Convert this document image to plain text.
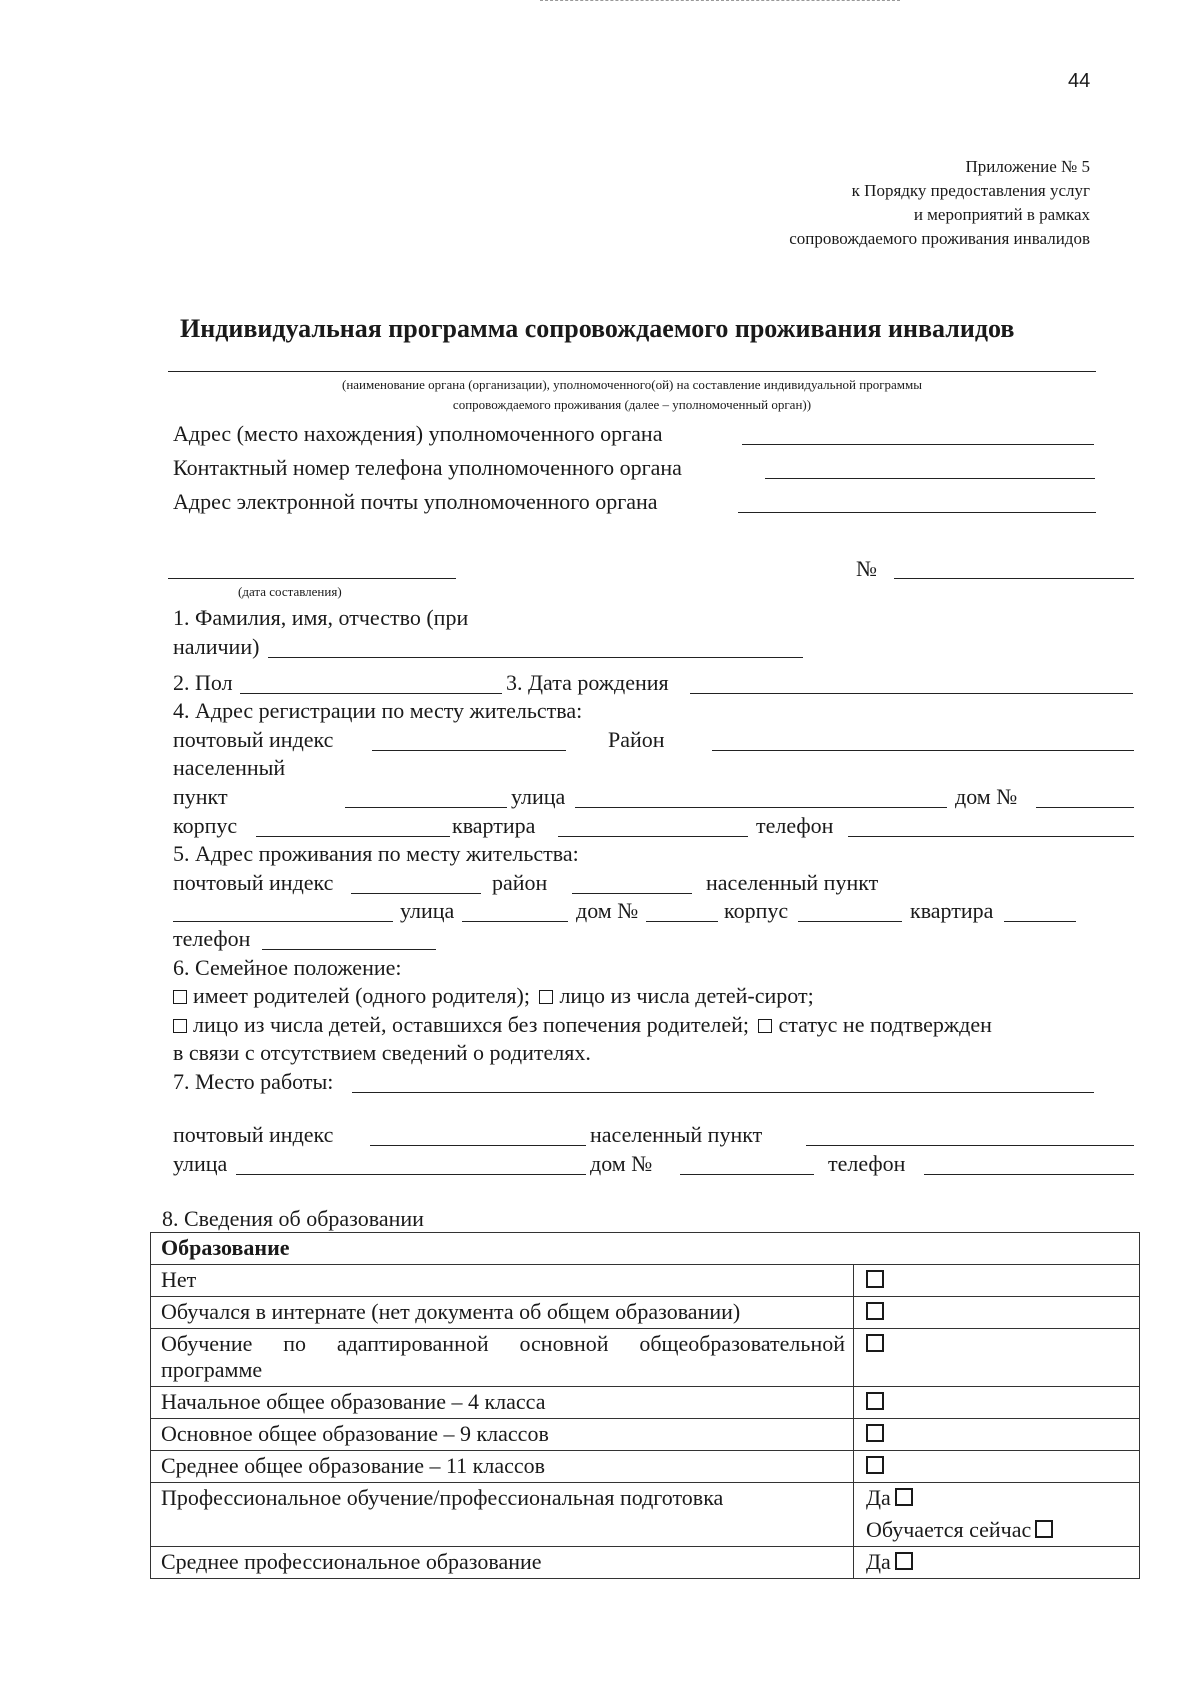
44
Приложение № 5
к Порядку предоставления услуг
и мероприятий в рамках
сопровождаемого проживания инвалидов
Индивидуальная программа сопровождаемого проживания инвалидов
(наименование органа (организации), уполномоченного(ой) на составление индивидуальной программы
сопровождаемого проживания (далее – уполномоченный орган))
Адрес (место нахождения) уполномоченного органа
Контактный номер телефона уполномоченного органа
Адрес электронной почты уполномоченного органа
(дата составления)
№
1. Фамилия, имя, отчество (при
наличии)
2. Пол	3. Дата рождения
4. Адрес регистрации по месту жительства:
почтовый индекс	Район
населенный
пункт	улица	дом №
корпус	квартира	телефон
5. Адрес проживания по месту жительства:
почтовый индекс	район	населенный пункт
улица	дом №	корпус	квартира
телефон
6. Семейное положение:
имеет родителей (одного родителя); лицо из числа детей-сирот;
лицо из числа детей, оставшихся без попечения родителей; статус не подтвержден
в связи с отсутствием сведений о родителях.
7. Место работы:
почтовый индекс	населенный пункт
улица	дом №	телефон
8. Сведения об образовании
Образование	
Нет	
Обучался в интернате (нет документа об общем образовании)	
Обучение по адаптированной основной общеобразовательной программе	
Начальное общее образование – 4 класса	
Основное общее образование – 9 классов	
Среднее общее образование – 11 классов	
Профессиональное обучение/профессиональная подготовка	Да
Обучается сейчас

Среднее профессиональное образование	Да
